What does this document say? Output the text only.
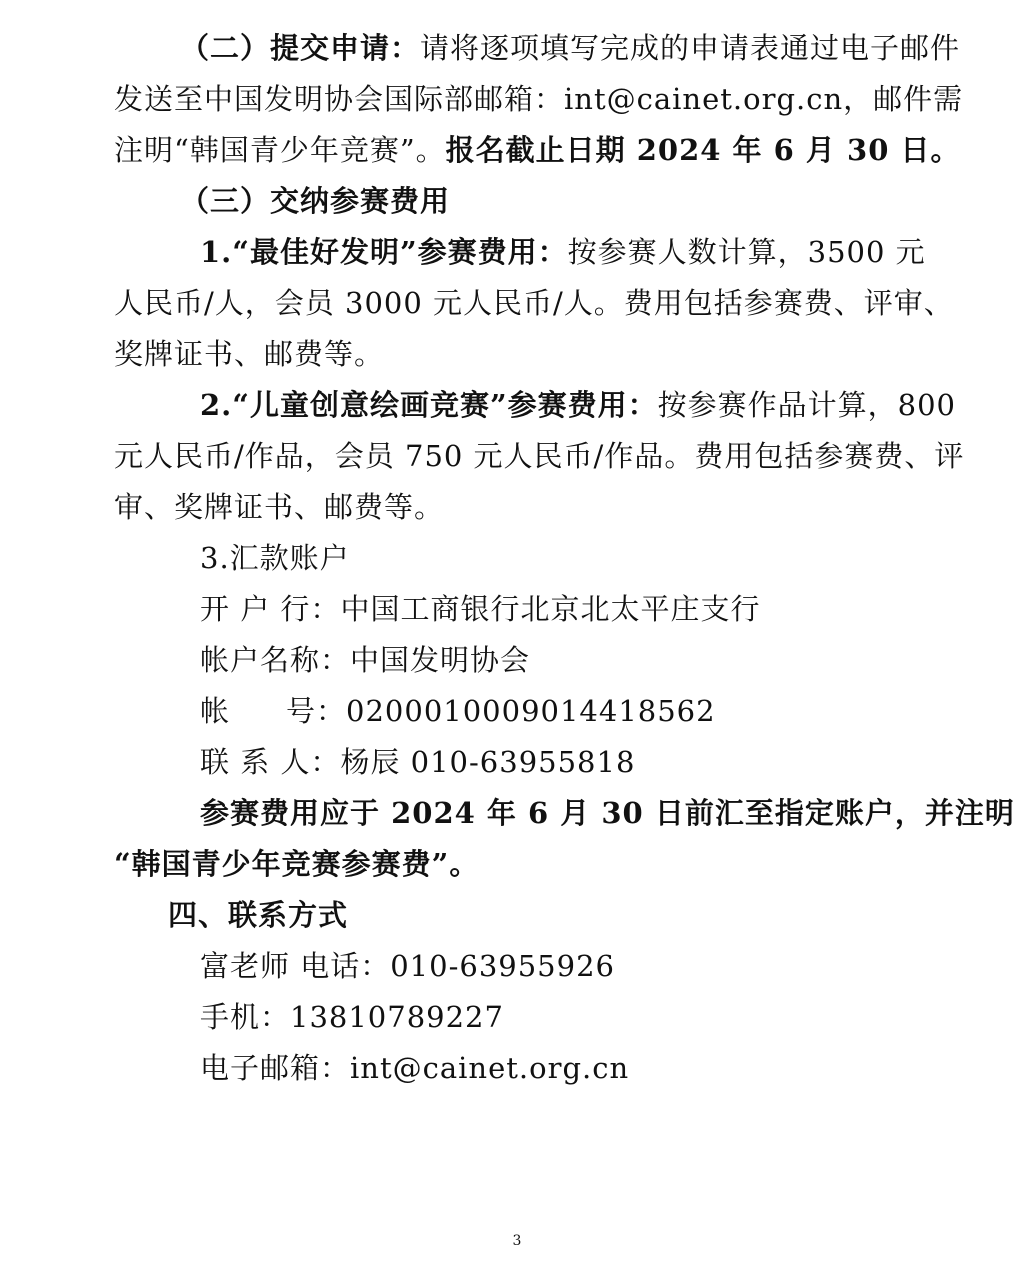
（二）提交申请：请将逐项填写完成的申请表通过电子邮件
发送至中国发明协会国际部邮箱：int@cainet.org.cn，邮件需
注明“韩国青少年竞赛”。报名截止日期 2024 年 6 月 30 日。
（三）交纳参赛费用
1.“最佳好发明”参赛费用：按参赛人数计算，3500 元
人民币/人，会员 3000 元人民币/人。费用包括参赛费、评审、
奖牌证书、邮费等。
2.“儿童创意绘画竞赛”参赛费用：按参赛作品计算，800
元人民币/作品，会员 750 元人民币/作品。费用包括参赛费、评
审、奖牌证书、邮费等。
3.汇款账户
开 户 行：中国工商银行北京北太平庄支行
帐户名称：中国发明协会
帐 号：0200010009014418562
联 系 人：杨辰 010-63955818
参赛费用应于 2024 年 6 月 30 日前汇至指定账户，并注明
“韩国青少年竞赛参赛费”。
四、联系方式
富老师 电话：010-63955926
手机：13810789227
电子邮箱：int@cainet.org.cn
3
